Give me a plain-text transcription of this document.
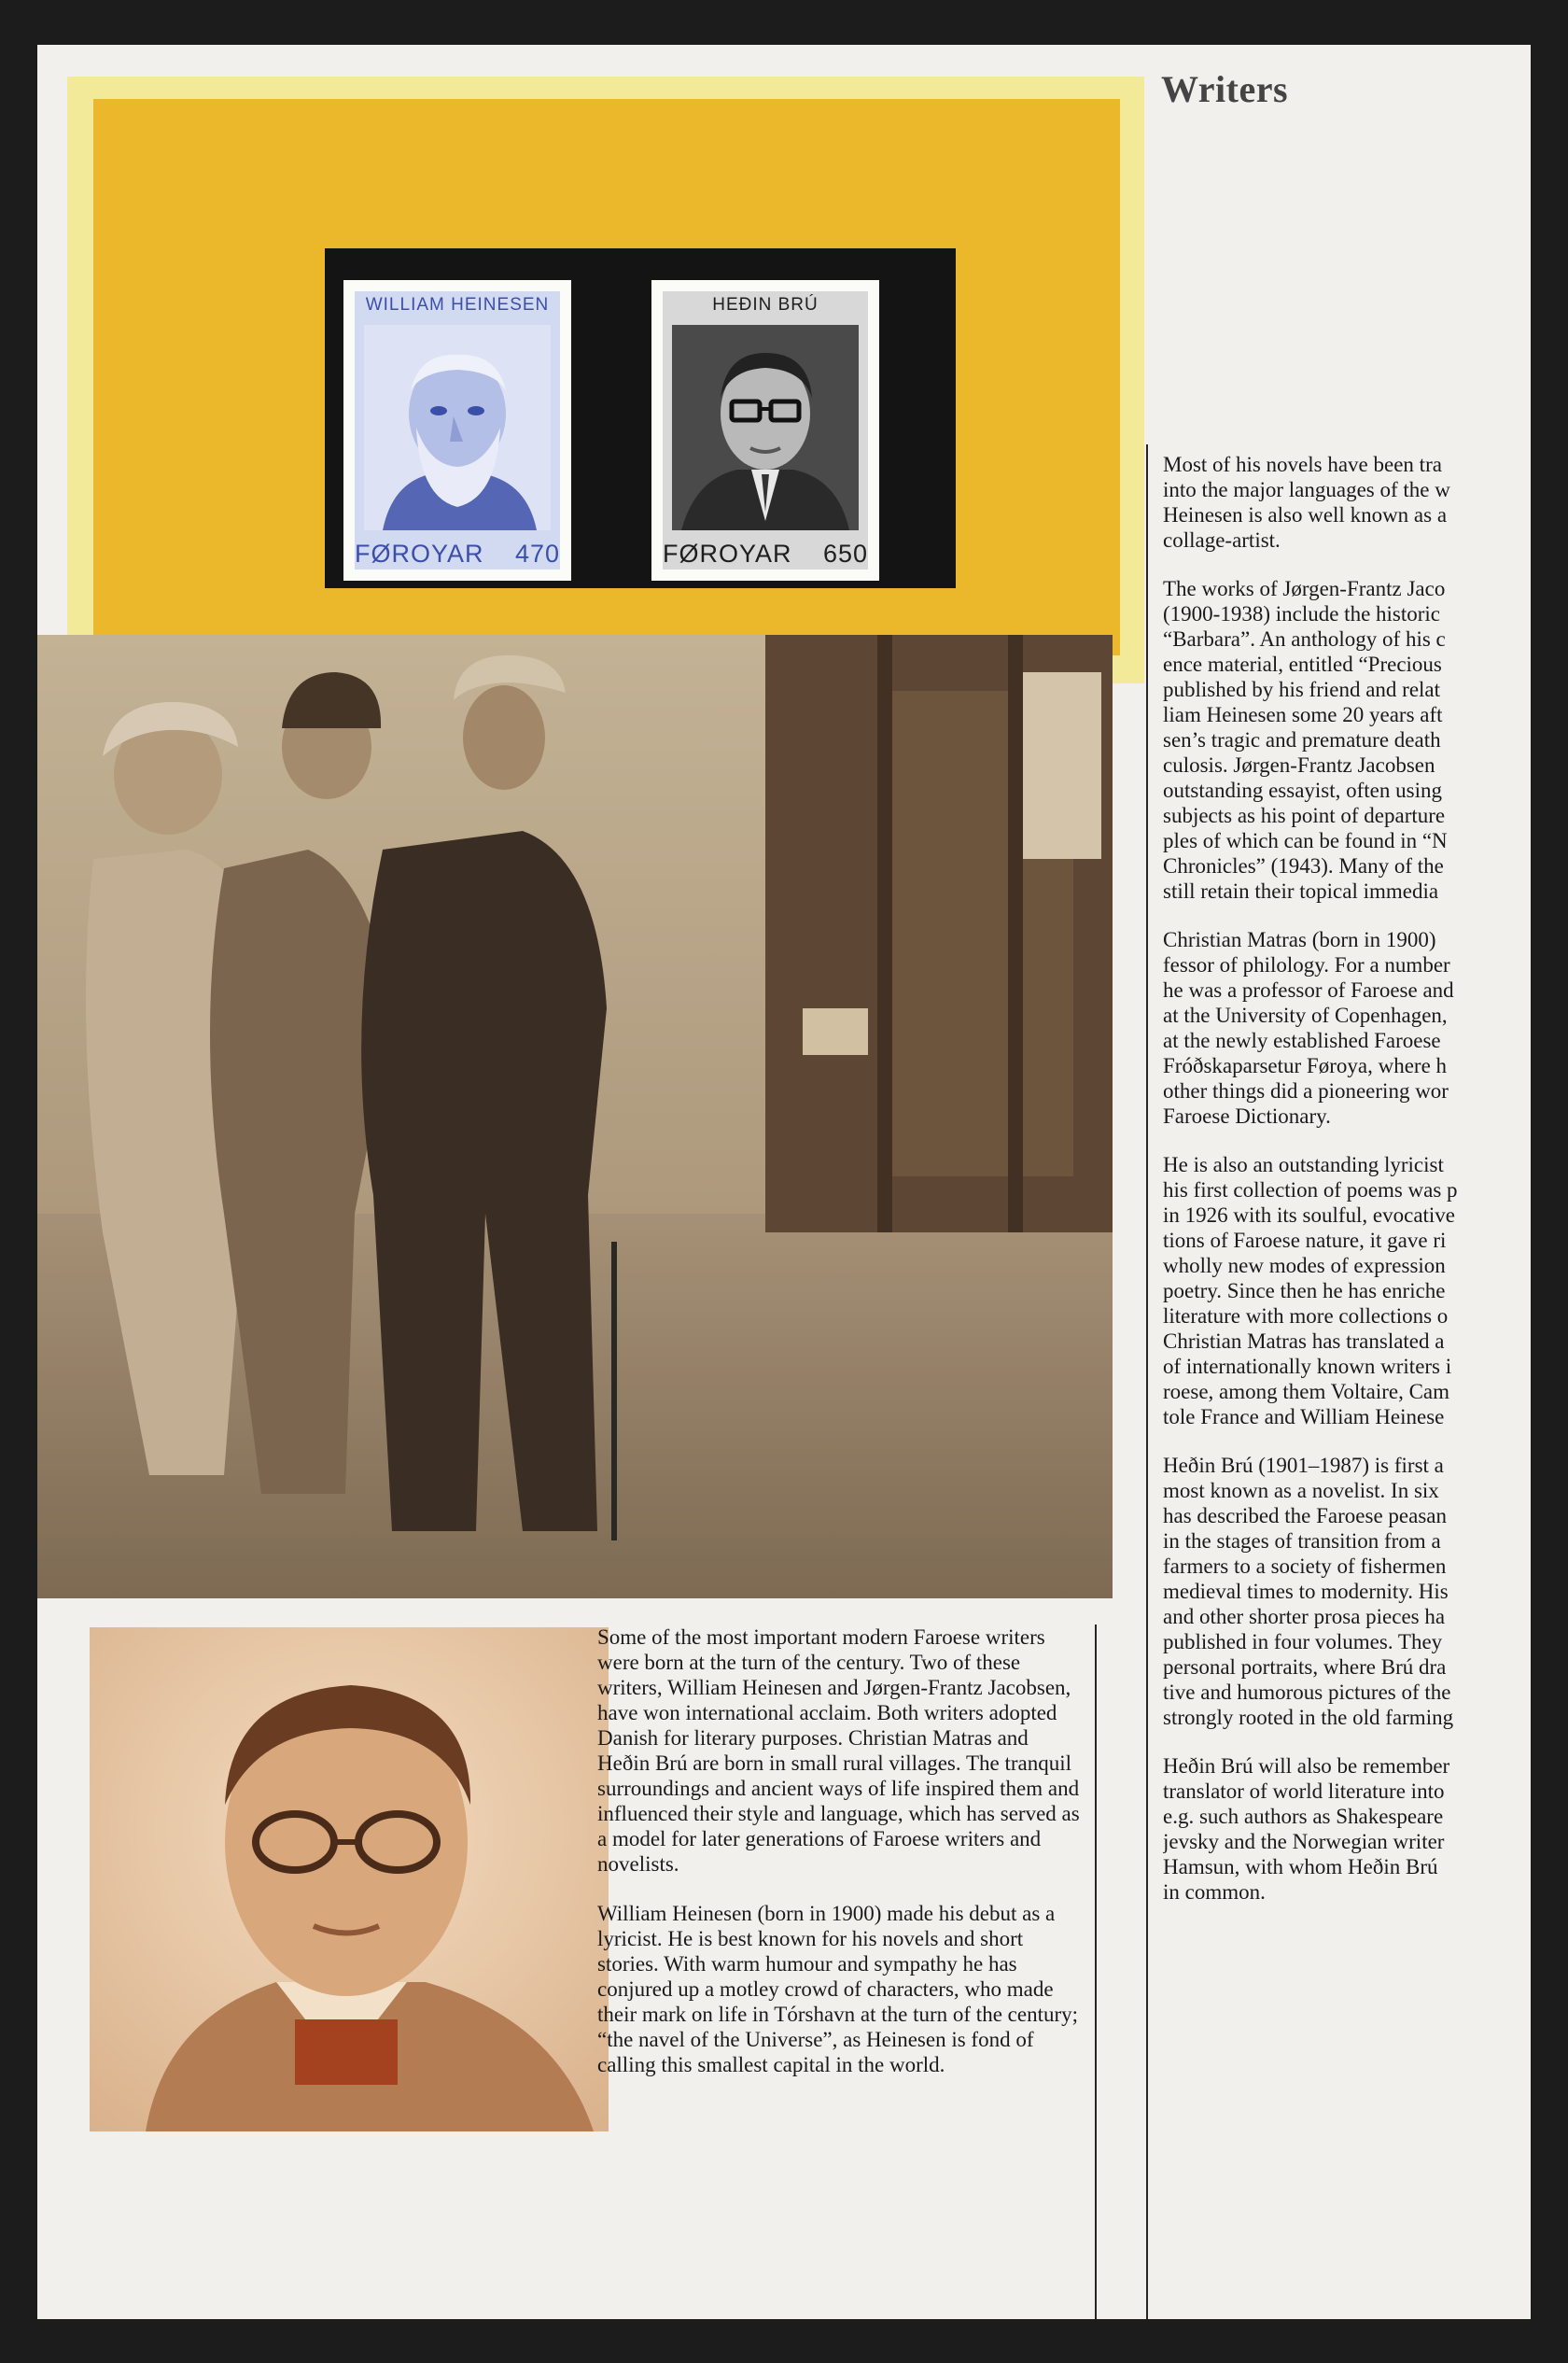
WILLIAM HEINESEN
FØROYAR 470
HEÐIN BRÚ
FØROYAR 650
Writers

Some of the most important modern Faroese writers were born at the turn of the century. Two of these writers, William Heinesen and Jørgen-Frantz Jacobsen, have won international acclaim. Both writers adopted Danish for literary purposes. Christian Matras and Heðin Brú are born in small rural villages. The tranquil surroundings and ancient ways of life inspired them and influenced their style and language, which has served as a model for later generations of Faroese writers and novelists.

William Heinesen (born in 1900) made his debut as a lyricist. He is best known for his novels and short stories. With warm humour and sympathy he has conjured up a motley crowd of characters, who made their mark on life in Tórshavn at the turn of the century; “the navel of the Universe”, as Heinesen is fond of calling this smallest capital in the world.

Most of his novels have been tra
into the major languages of the w
Heinesen is also well known as a
collage-artist.

The works of Jørgen-Frantz Jaco
(1900-1938) include the historic
“Barbara”. An anthology of his c
ence material, entitled “Precious
published by his friend and relat
liam Heinesen some 20 years aft
sen’s tragic and premature death
culosis. Jørgen-Frantz Jacobsen
outstanding essayist, often using
subjects as his point of departure
ples of which can be found in “N
Chronicles” (1943). Many of the
still retain their topical immedia

Christian Matras (born in 1900)
fessor of philology. For a number
he was a professor of Faroese and
at the University of Copenhagen,
at the newly established Faroese
Fróðskaparsetur Føroya, where h
other things did a pioneering wor
Faroese Dictionary.

He is also an outstanding lyricist
his first collection of poems was p
in 1926 with its soulful, evocative
tions of Faroese nature, it gave ri
wholly new modes of expression
poetry. Since then he has enriche
literature with more collections o
Christian Matras has translated a
of internationally known writers i
roese, among them Voltaire, Cam
tole France and William Heinese

Heðin Brú (1901–1987) is first a
most known as a novelist. In six
has described the Faroese peasan
in the stages of transition from a
farmers to a society of fishermen
medieval times to modernity. His
and other shorter prosa pieces ha
published in four volumes. They
personal portraits, where Brú dra
tive and humorous pictures of the
strongly rooted in the old farming

Heðin Brú will also be remember
translator of world literature into
e.g. such authors as Shakespeare
jevsky and the Norwegian writer
Hamsun, with whom Heðin Brú
in common.
